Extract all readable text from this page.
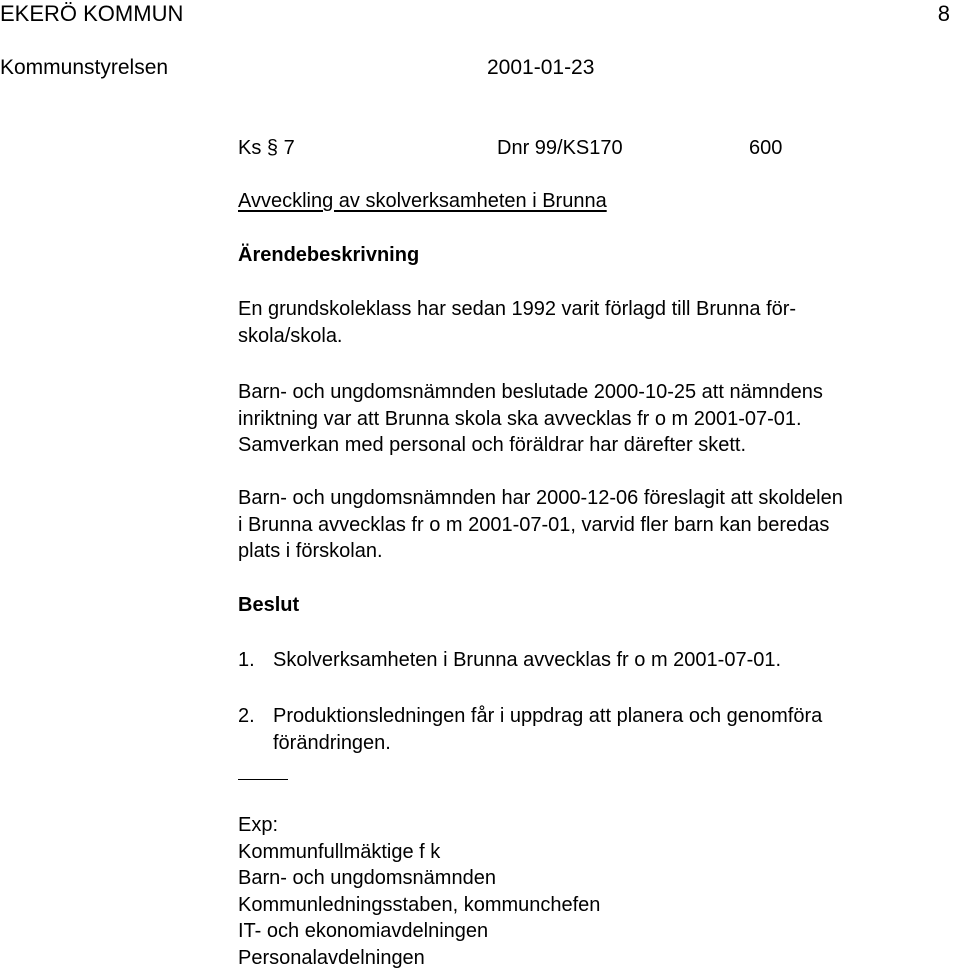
EKERÖ KOMMUN	8
Kommunstyrelsen	2001-01-23
Ks § 7	Dnr 99/KS170	600
Avveckling av skolverksamheten i Brunna
Ärendebeskrivning
En grundskoleklass har sedan 1992 varit förlagd till Brunna för-
skola/skola.
Barn- och ungdomsnämnden beslutade 2000-10-25 att nämndens
inriktning var att Brunna skola ska avvecklas fr o m 2001-07-01.
Samverkan med personal och föräldrar har därefter skett.
Barn- och ungdomsnämnden har 2000-12-06 föreslagit att skoldelen
i Brunna avvecklas fr o m 2001-07-01, varvid fler barn kan beredas
plats i förskolan.
Beslut
1. Skolverksamheten i Brunna avvecklas fr o m 2001-07-01.
2. Produktionsledningen får i uppdrag att planera och genomföra
förändringen.
Exp:
Kommunfullmäktige f k
Barn- och ungdomsnämnden
Kommunledningsstaben, kommunchefen
IT- och ekonomiavdelningen
Personalavdelningen
